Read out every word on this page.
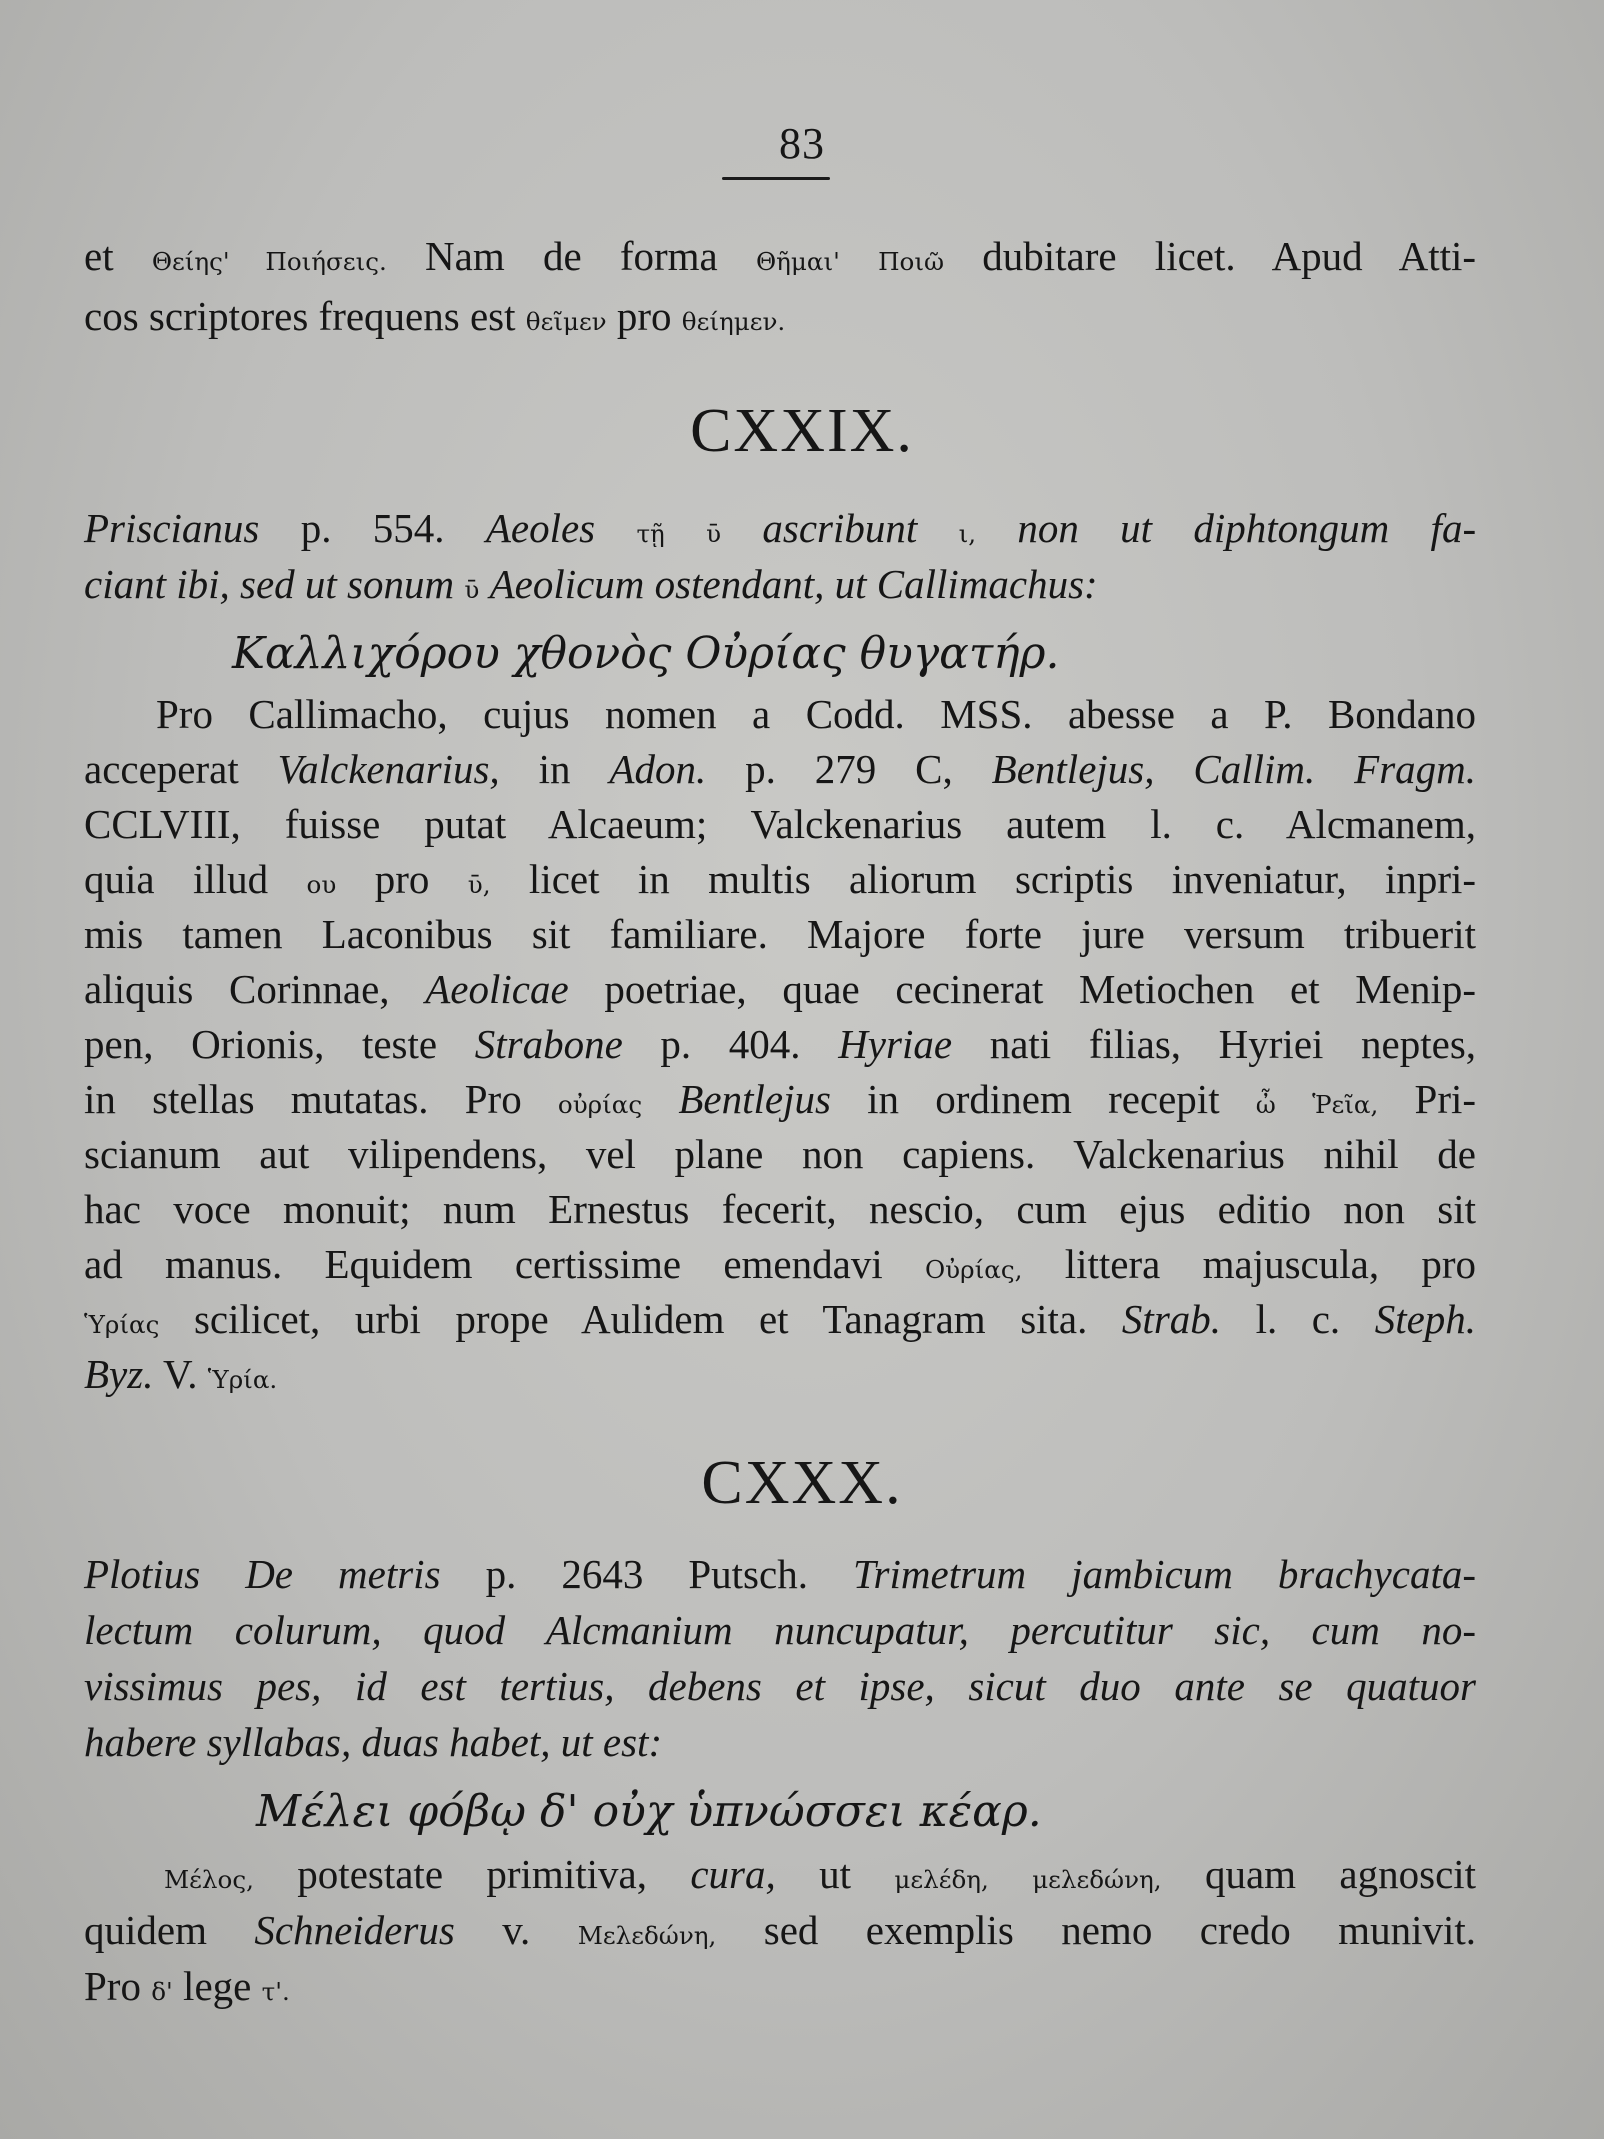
83
et Θείης' Ποιήσεις. Nam de forma Θῆμαι' Ποιῶ dubitare licet. Apud Atti-
cos scriptores frequens est θεῖμεν pro θείημεν.
CXXIX.
Priscianus p. 554. Aeoles τῇ ῡ ascribunt ι, non ut diphtongum fa-
ciant ibi, sed ut sonum ῡ Aeolicum ostendant, ut Callimachus:
Καλλιχόρου χθονὸς Οὐρίας θυγατήρ.
Pro Callimacho, cujus nomen a Codd. MSS. abesse a P. Bondano
acceperat Valckenarius, in Adon. p. 279 C, Bentlejus, Callim. Fragm.
CCLVIII, fuisse putat Alcaeum; Valckenarius autem l. c. Alcmanem,
quia illud ου pro ῡ, licet in multis aliorum scriptis inveniatur, inpri-
mis tamen Laconibus sit familiare. Majore forte jure versum tribuerit
aliquis Corinnae, Aeolicae poetriae, quae cecinerat Metiochen et Menip-
pen, Orionis, teste Strabone p. 404. Hyriae nati filias, Hyriei neptes,
in stellas mutatas. Pro οὐρίας Bentlejus in ordinem recepit ὦ Ῥεῖα, Pri-
scianum aut vilipendens, vel plane non capiens. Valckenarius nihil de
hac voce monuit; num Ernestus fecerit, nescio, cum ejus editio non sit
ad manus. Equidem certissime emendavi Οὐρίας, littera majuscula, pro
Ὑρίας scilicet, urbi prope Aulidem et Tanagram sita. Strab. l. c. Steph.
Byz. V. Ὑρία.
CXXX.
Plotius De metris p. 2643 Putsch. Trimetrum jambicum brachycata-
lectum colurum, quod Alcmanium nuncupatur, percutitur sic, cum no-
vissimus pes, id est tertius, debens et ipse, sicut duo ante se quatuor
habere syllabas, duas habet, ut est:
Μέλει φόβῳ δ' οὐχ ὑπνώσσει κέαρ.
Μέλος, potestate primitiva, cura, ut μελέδη, μελεδώνη, quam agnoscit
quidem Schneiderus v. Μελεδώνη, sed exemplis nemo credo munivit.
Pro δ' lege τ'.
